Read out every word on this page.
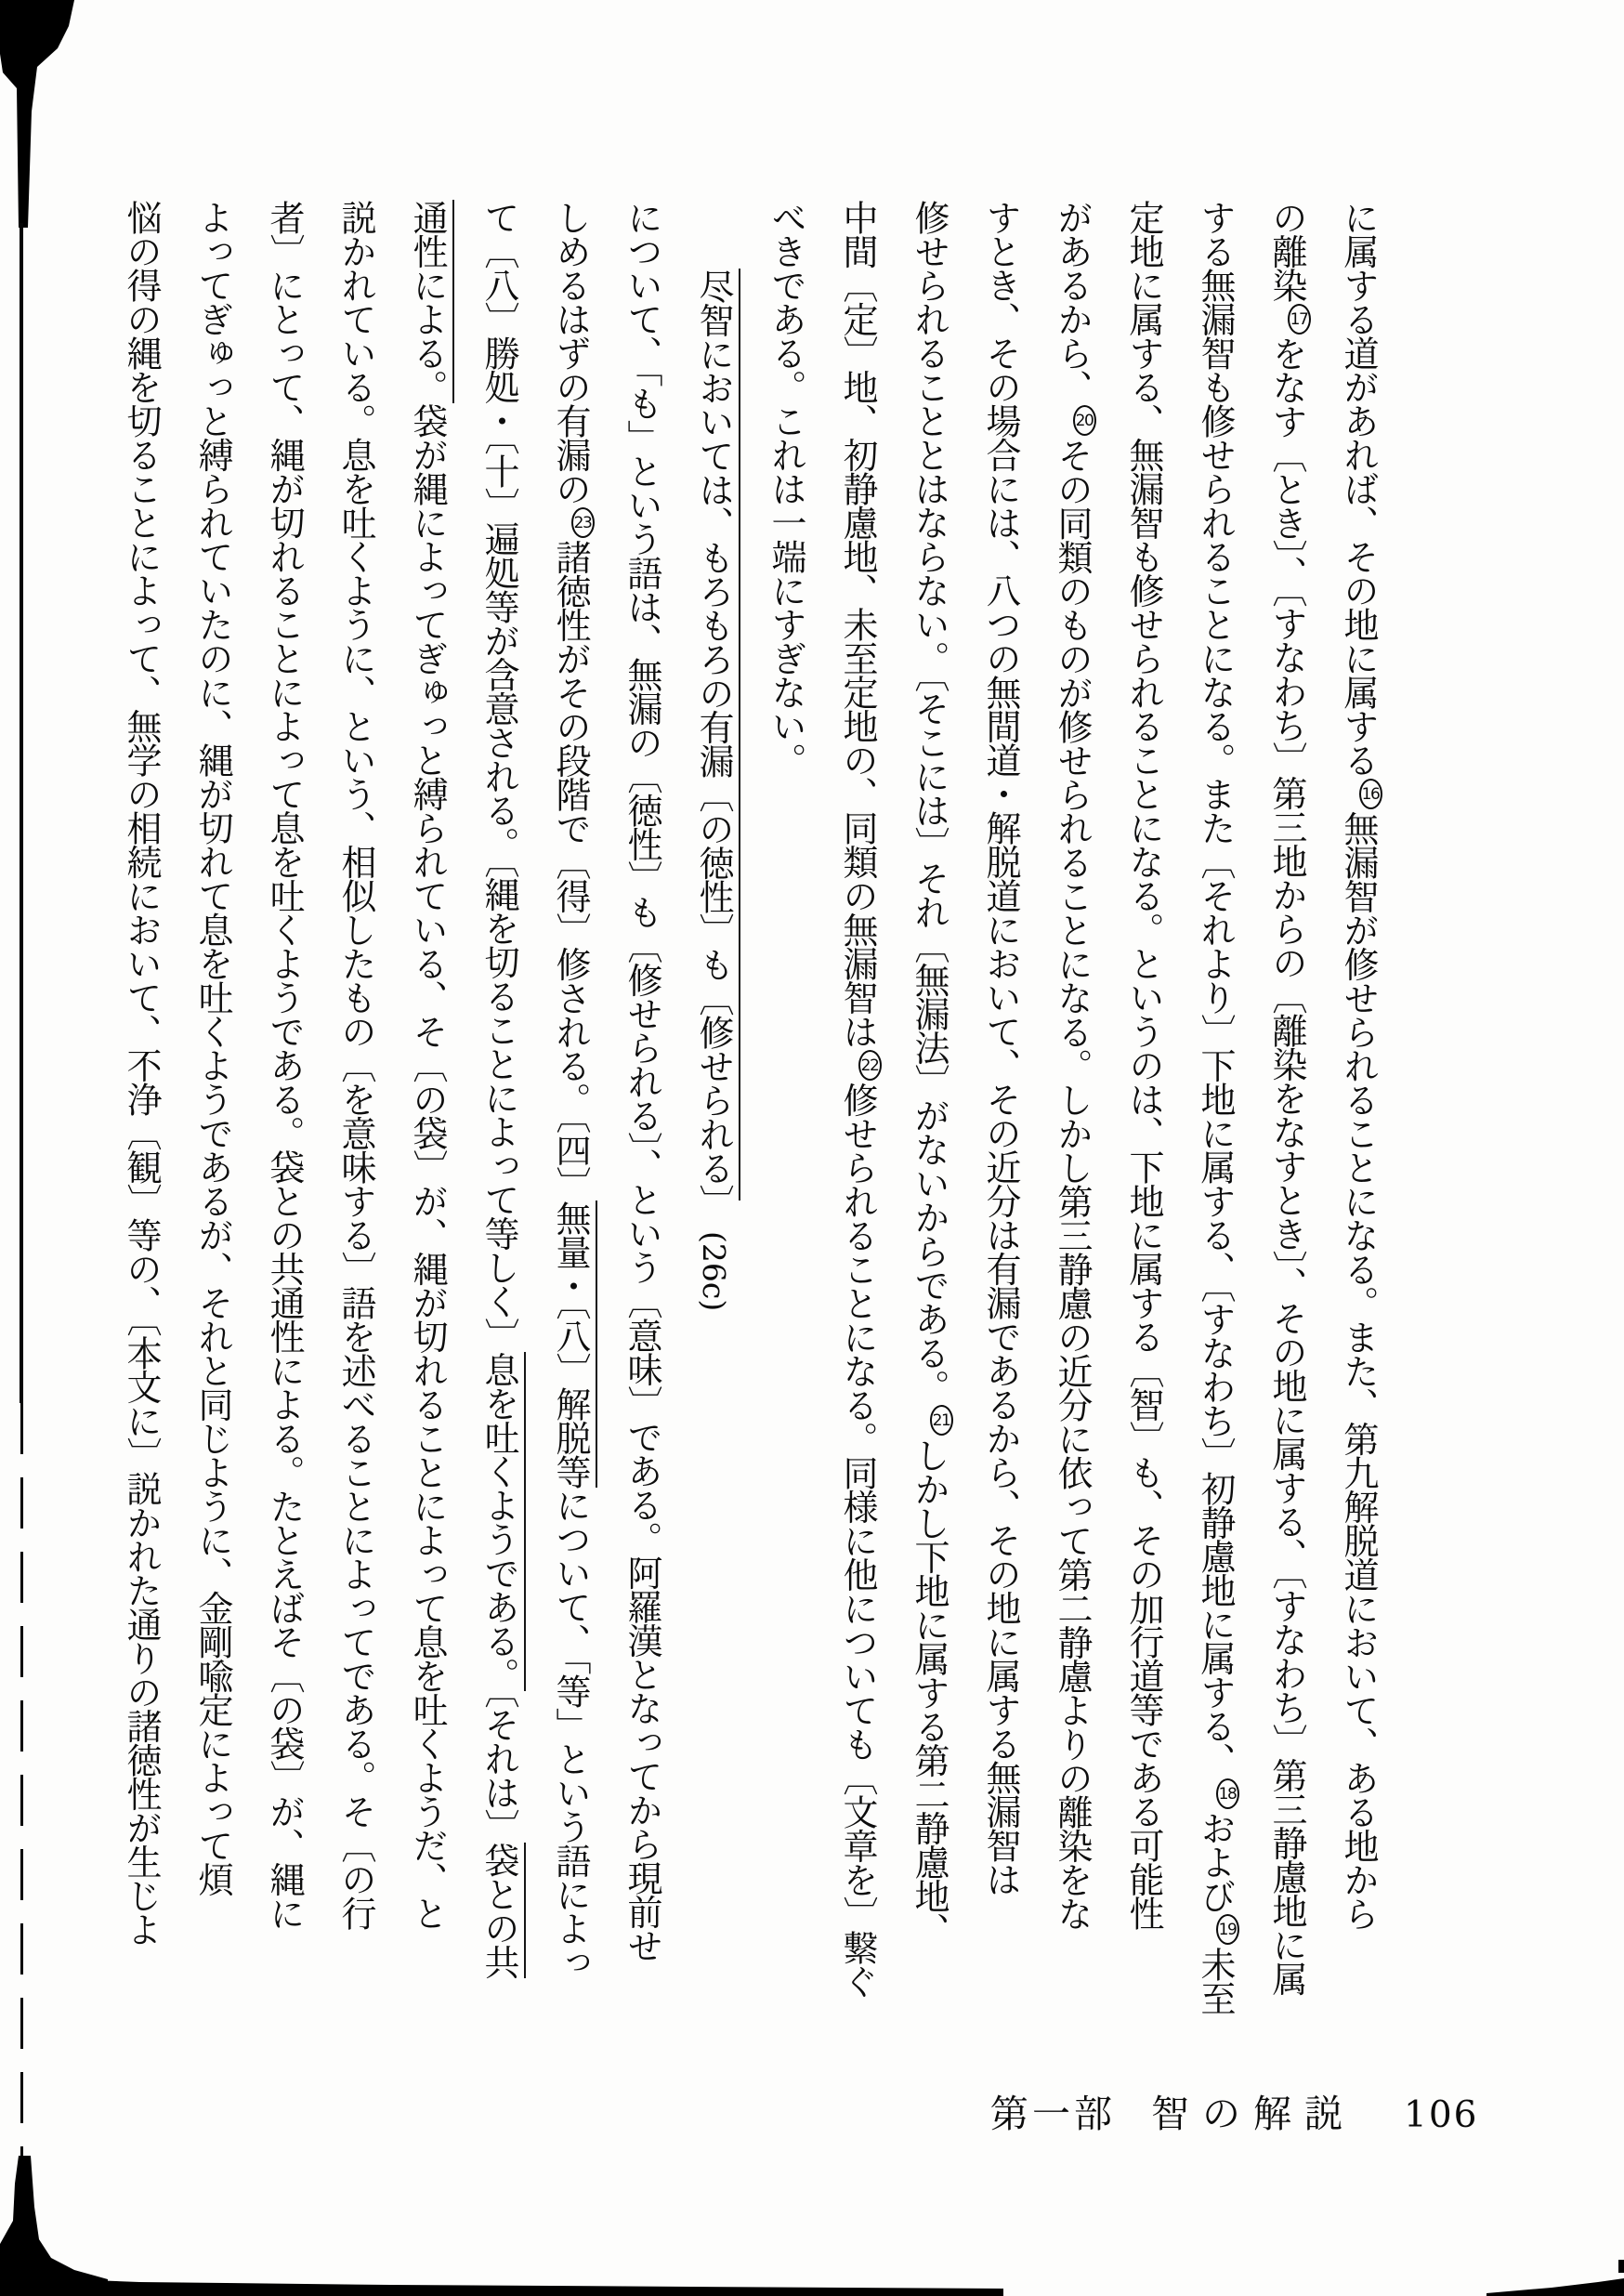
に属する道があれば、その地に属する16無漏智が修せられることになる。また、第九解脱道において、ある地から
の離染17をなす〔とき〕、〔すなわち〕第三地からの〔離染をなすとき〕、その地に属する、〔すなわち〕第三静慮地に属
する無漏智も修せられることになる。また〔それより〕下地に属する、〔すなわち〕初静慮地に属する、18および19未至
定地に属する、無漏智も修せられることになる。というのは、下地に属する〔智〕も、その加行道等である可能性
があるから、20その同類のものが修せられることになる。しかし第三静慮の近分に依って第二静慮よりの離染をな
すとき、その場合には、八つの無間道・解脱道において、その近分は有漏であるから、その地に属する無漏智は
修せられることとはならない。〔そこには〕それ〔無漏法〕がないからである。21しかし下地に属する第二静慮地、
中間〔定〕地、初静慮地、未至定地の、同類の無漏智は22修せられることになる。同様に他についても〔文章を〕繋ぐ
べきである。これは一端にすぎない。
尽智においては、もろもろの有漏〔の徳性〕も〔修せられる〕　(26c)
について、「も」という語は、無漏の〔徳性〕も〔修せられる〕、という〔意味〕である。阿羅漢となってから現前せ
しめるはずの有漏の23諸徳性がその段階で〔得〕修される。〔四〕無量・〔八〕解脱等について、「等」という語によっ
て〔八〕勝処・〔十〕遍処等が含意される。〔縄を切ることによって等しく〕息を吐くようである。〔それは〕袋との共
通性による。袋が縄によってぎゅっと縛られている、そ〔の袋〕が、縄が切れることによって息を吐くようだ、と
説かれている。息を吐くように、という、相似したもの〔を意味する〕語を述べることによってである。そ〔の行
者〕にとって、縄が切れることによって息を吐くようである。袋との共通性による。たとえばそ〔の袋〕が、縄に
よってぎゅっと縛られていたのに、縄が切れて息を吐くようであるが、それと同じように、金剛喩定によって煩
悩の得の縄を切ることによって、無学の相続において、不浄〔観〕等の、〔本文に〕説かれた通りの諸徳性が生じよ
第一部 智の解説 106
